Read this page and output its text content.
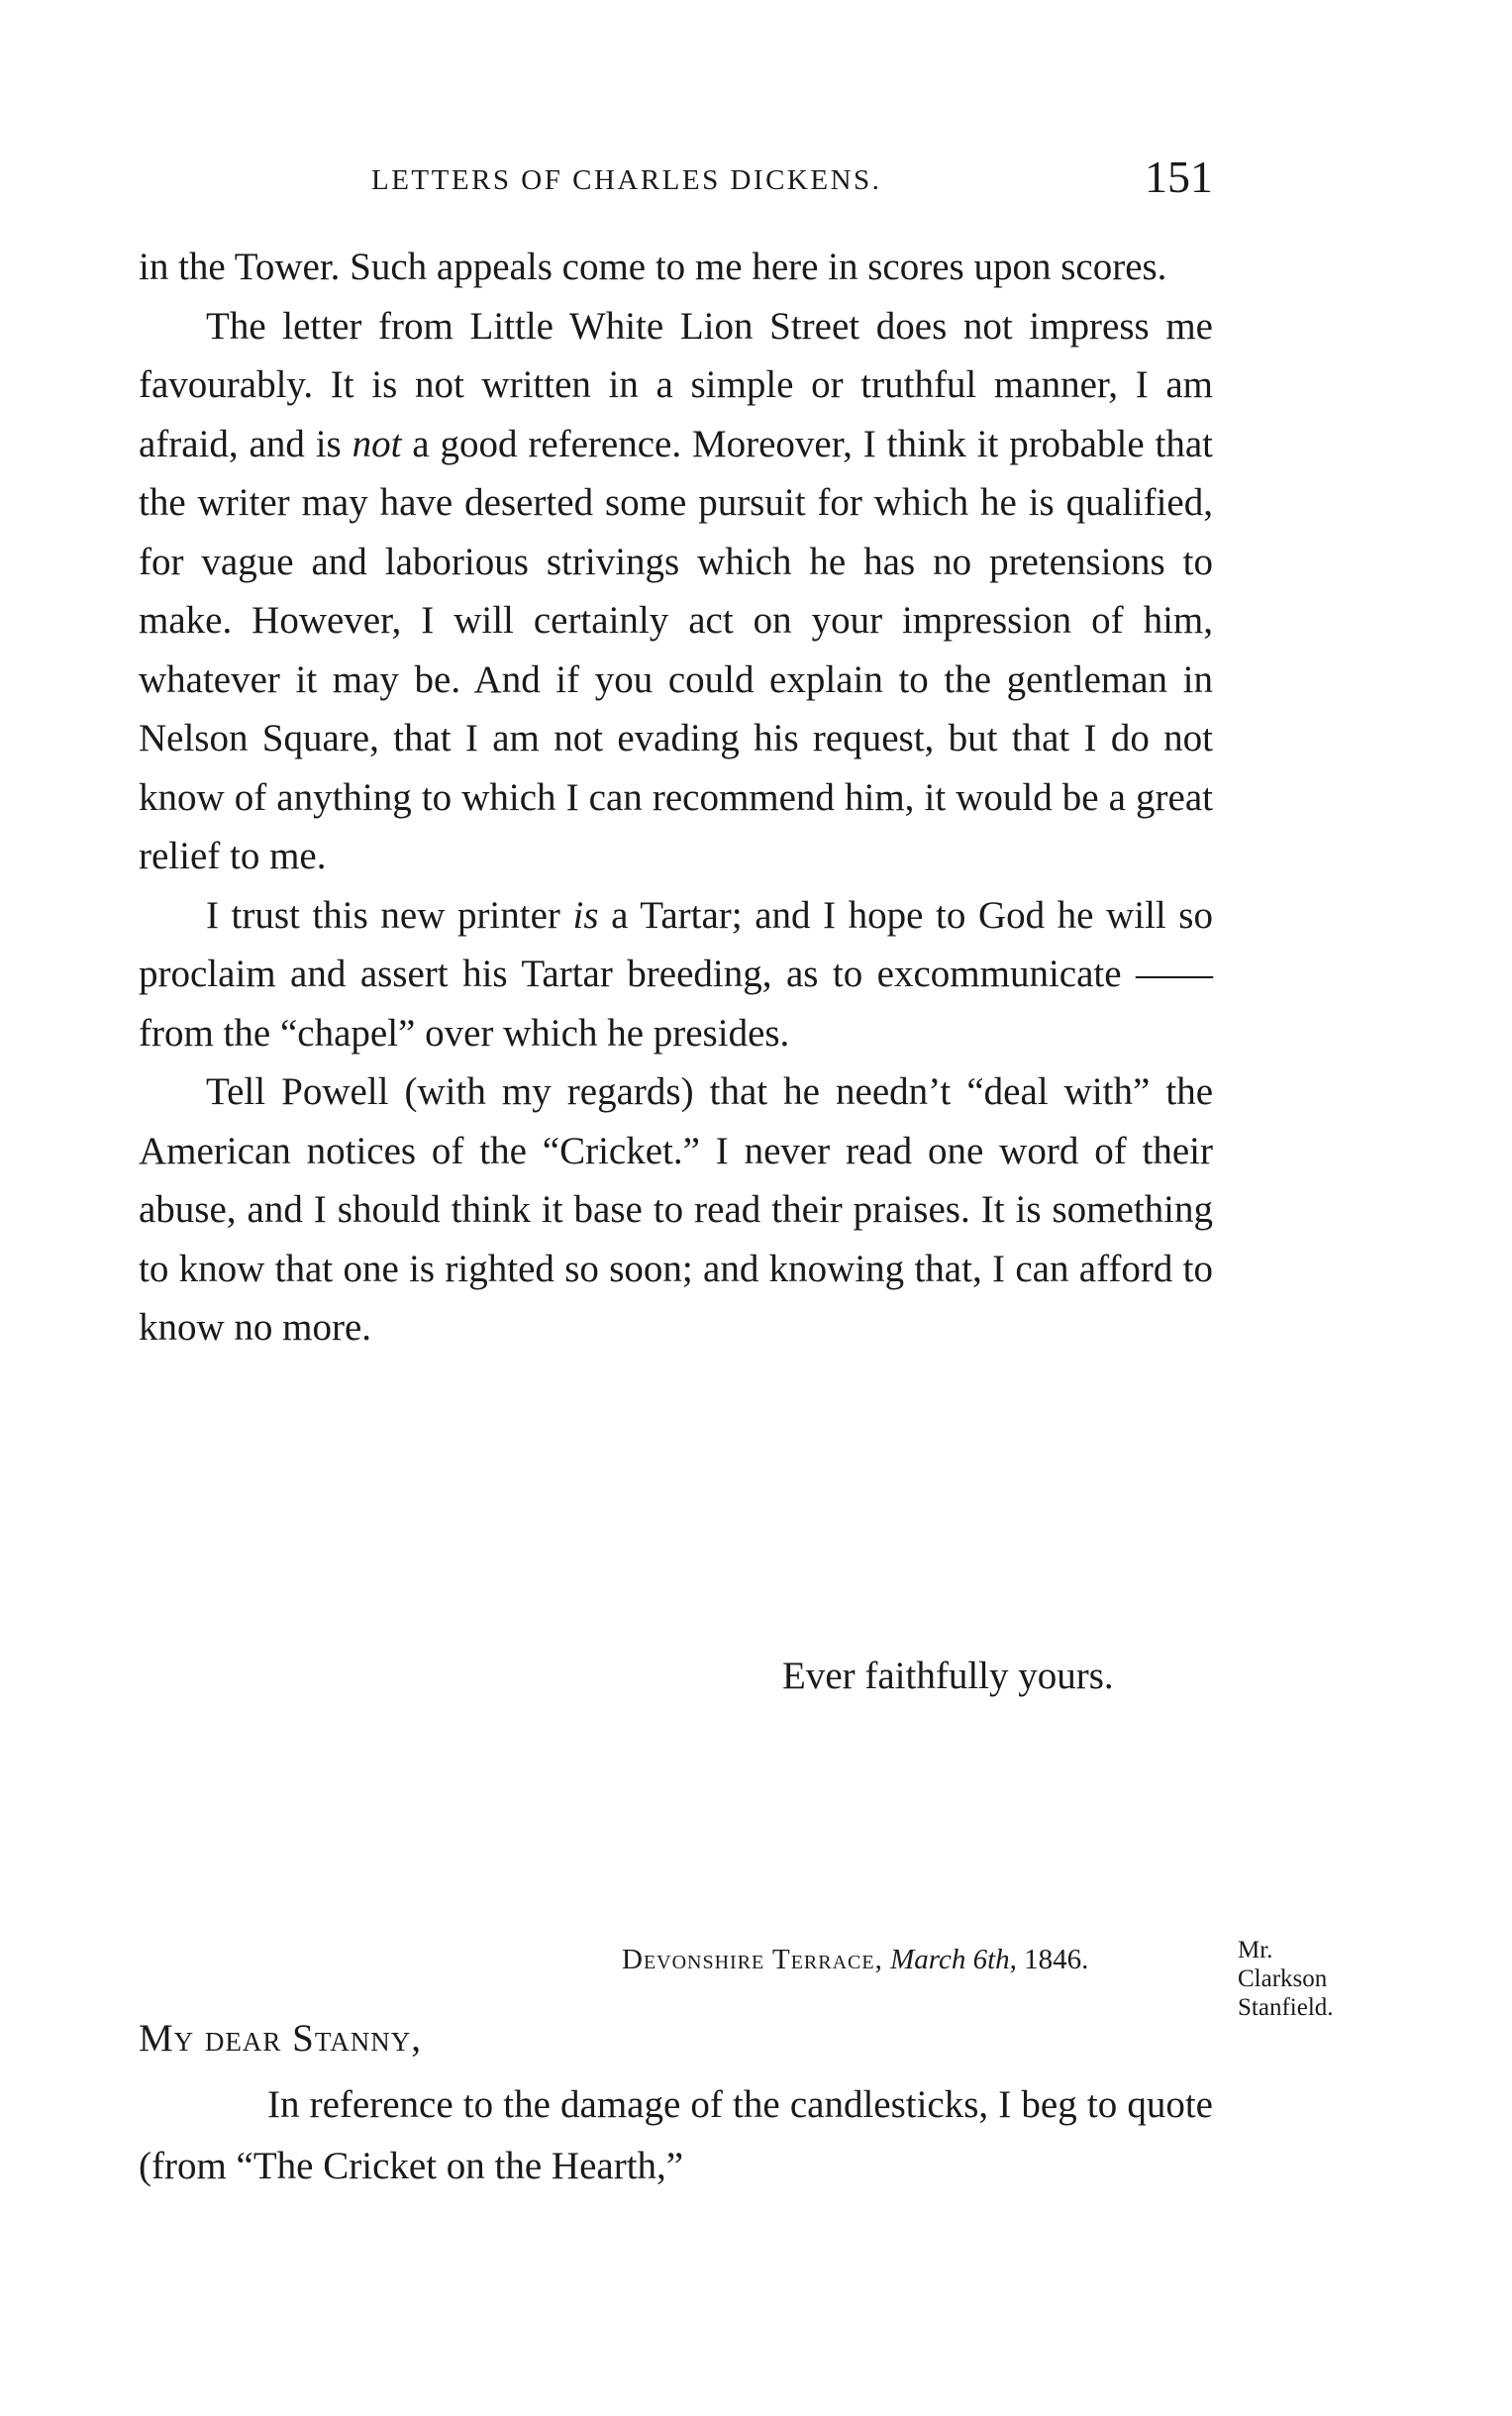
LETTERS OF CHARLES DICKENS.	151

in the Tower. Such appeals come to me here in scores upon scores.

The letter from Little White Lion Street does not impress me favourably. It is not written in a simple or truthful manner, I am afraid, and is not a good reference. Moreover, I think it probable that the writer may have deserted some pursuit for which he is qualified, for vague and laborious strivings which he has no pretensions to make. However, I will certainly act on your impression of him, whatever it may be. And if you could explain to the gentleman in Nelson Square, that I am not evading his request, but that I do not know of anything to which I can recommend him, it would be a great relief to me.

I trust this new printer is a Tartar; and I hope to God he will so proclaim and assert his Tartar breeding, as to excommunicate —— from the “chapel” over which he presides.

Tell Powell (with my regards) that he needn’t “deal with” the American notices of the “Cricket.” I never read one word of their abuse, and I should think it base to read their praises. It is something to know that one is righted so soon; and knowing that, I can afford to know no more.

Ever faithfully yours.
Devonshire Terrace, March 6th, 1846.	Mr.
Clarkson
Stanfield.
My dear Stanny,

In reference to the damage of the candlesticks, I beg to quote (from “The Cricket on the Hearth,”
